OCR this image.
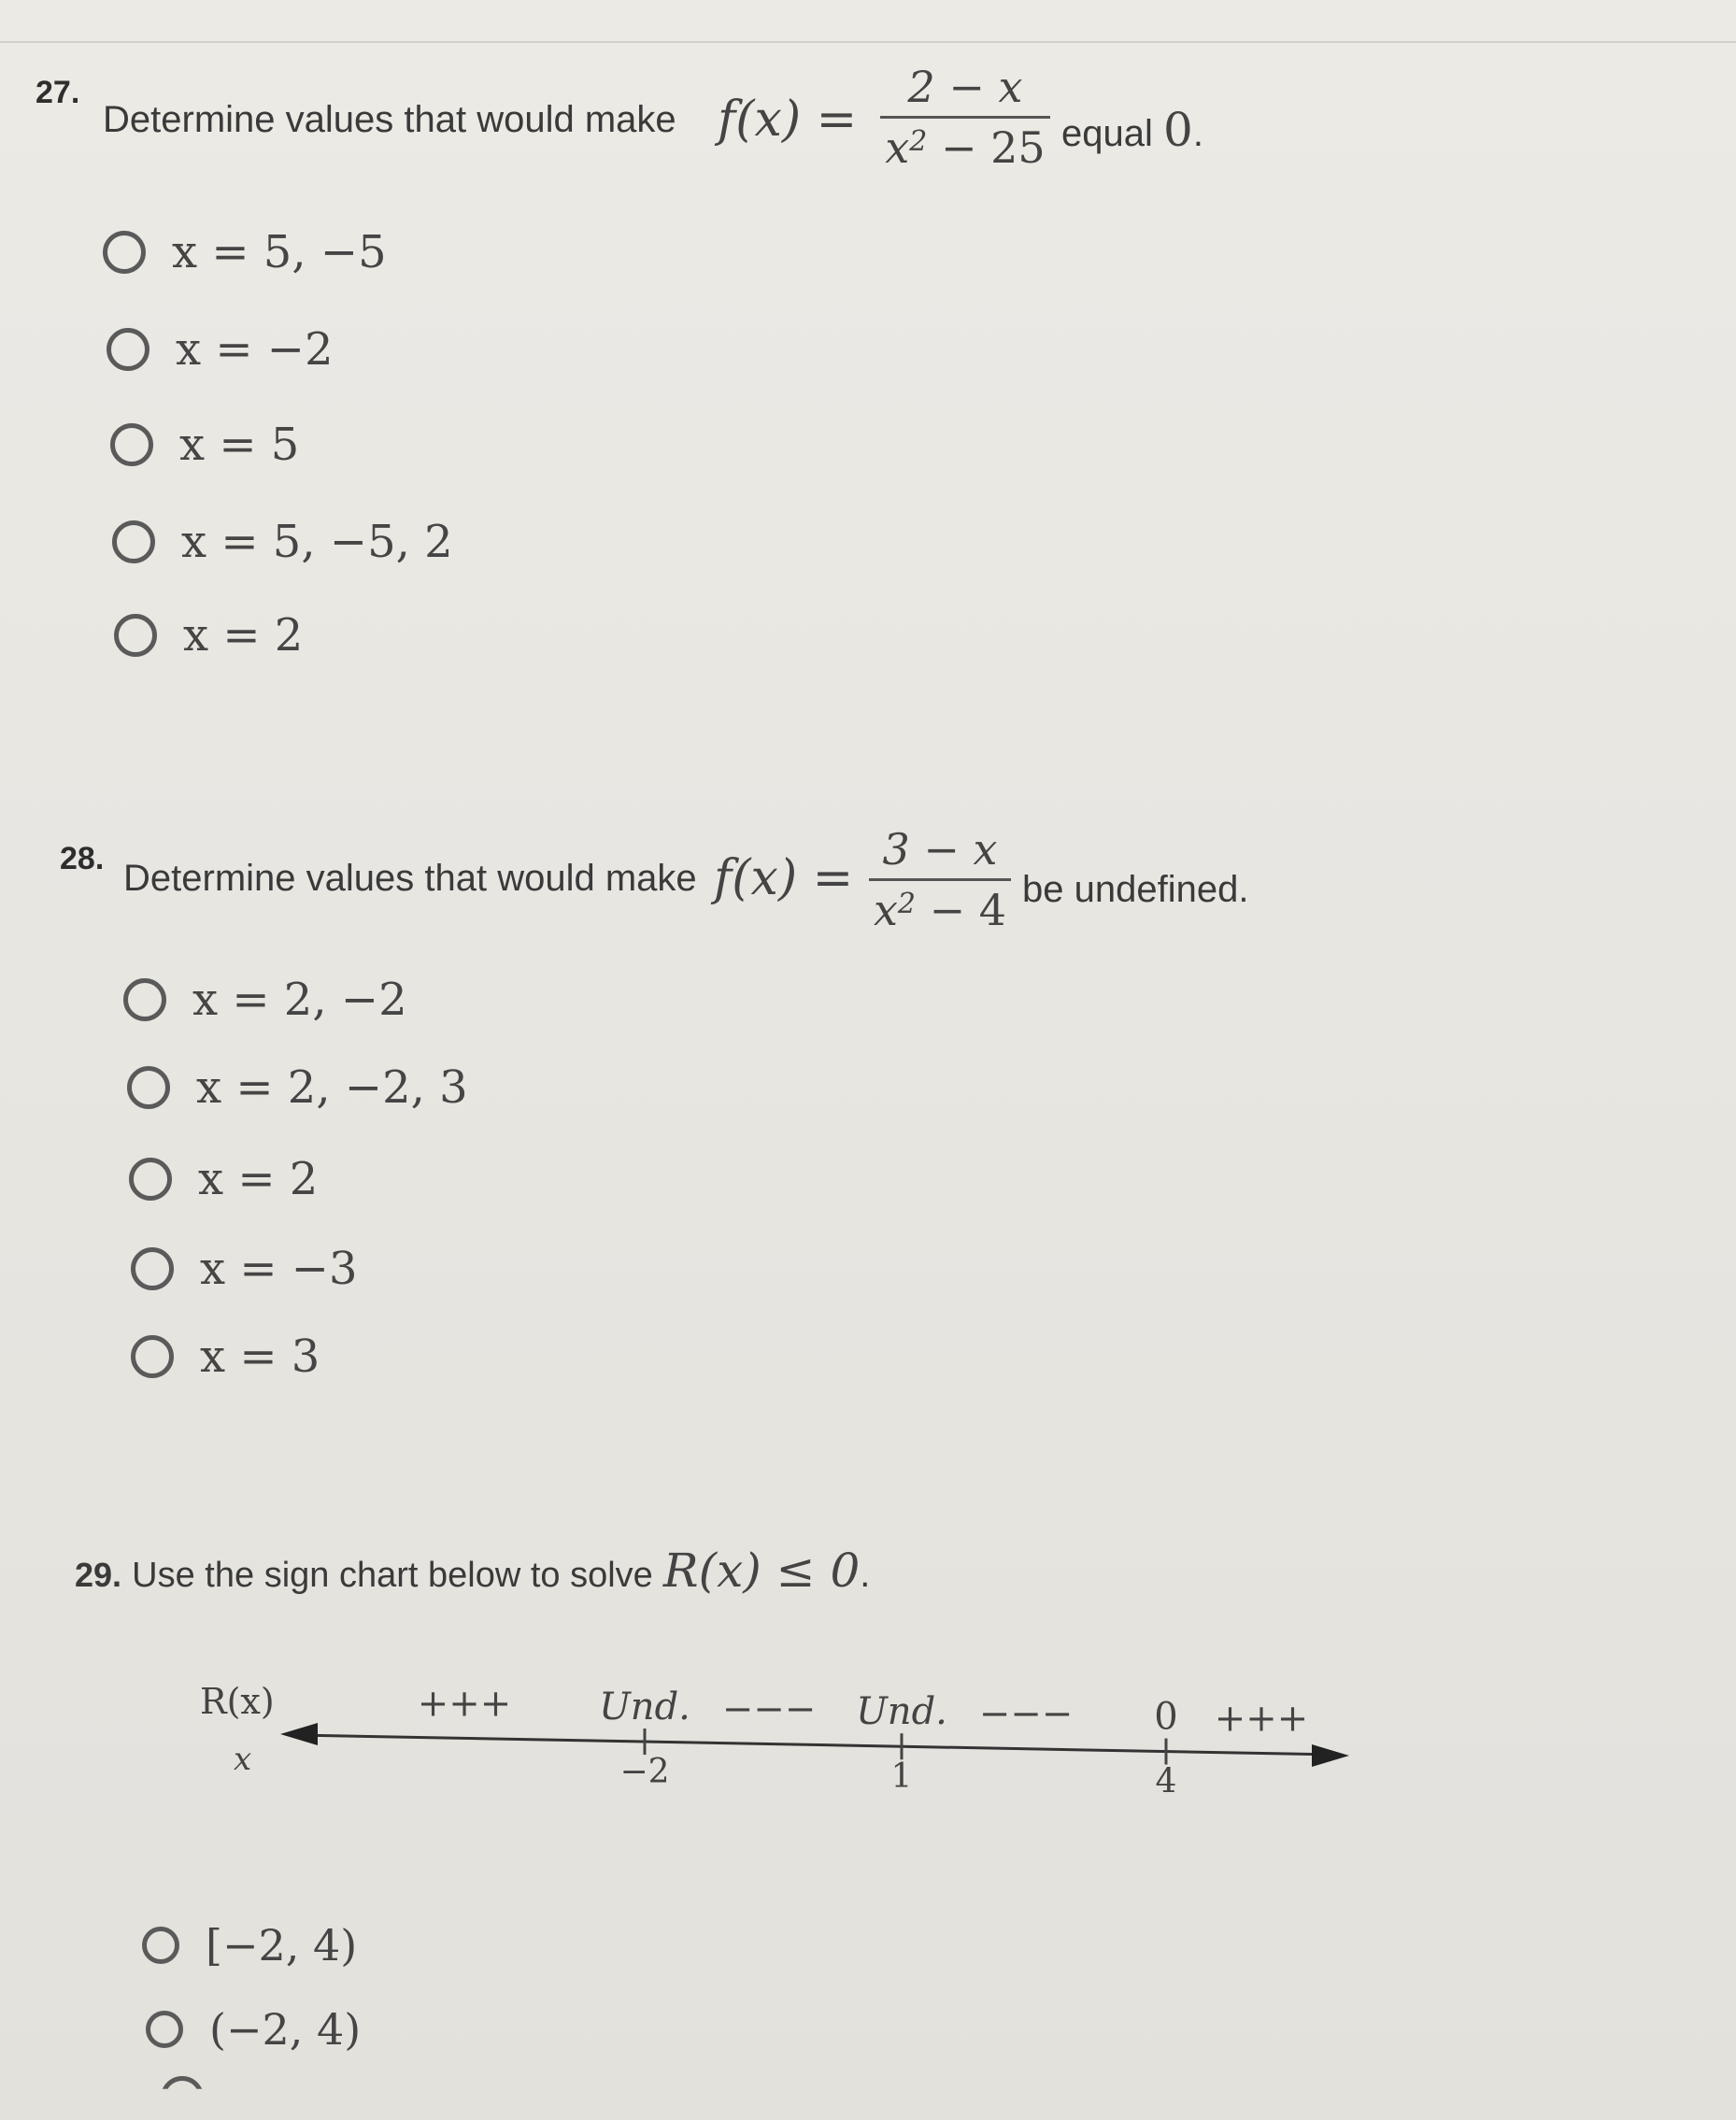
27.
Determine values that would make f(x) =
2 − x
$x^2 - 25$ equal 0.
x = 5, −5
x = −2
x = 5
x = 5, −5, 2
x = 2
28. Determine values that would make f(x) =
3 − x
$x^2 - 4$ be undefined.
x = 2, −2
x = 2, −2, 3
x = 2
x = −3
x = 3
29. Use the sign chart below to solve R(x) ≤ 0.
R(x)
x	−2
Und.
1
Und.
4
0
+++	−−−	−−−	+++
[−2, 4)
(−2, 4)
